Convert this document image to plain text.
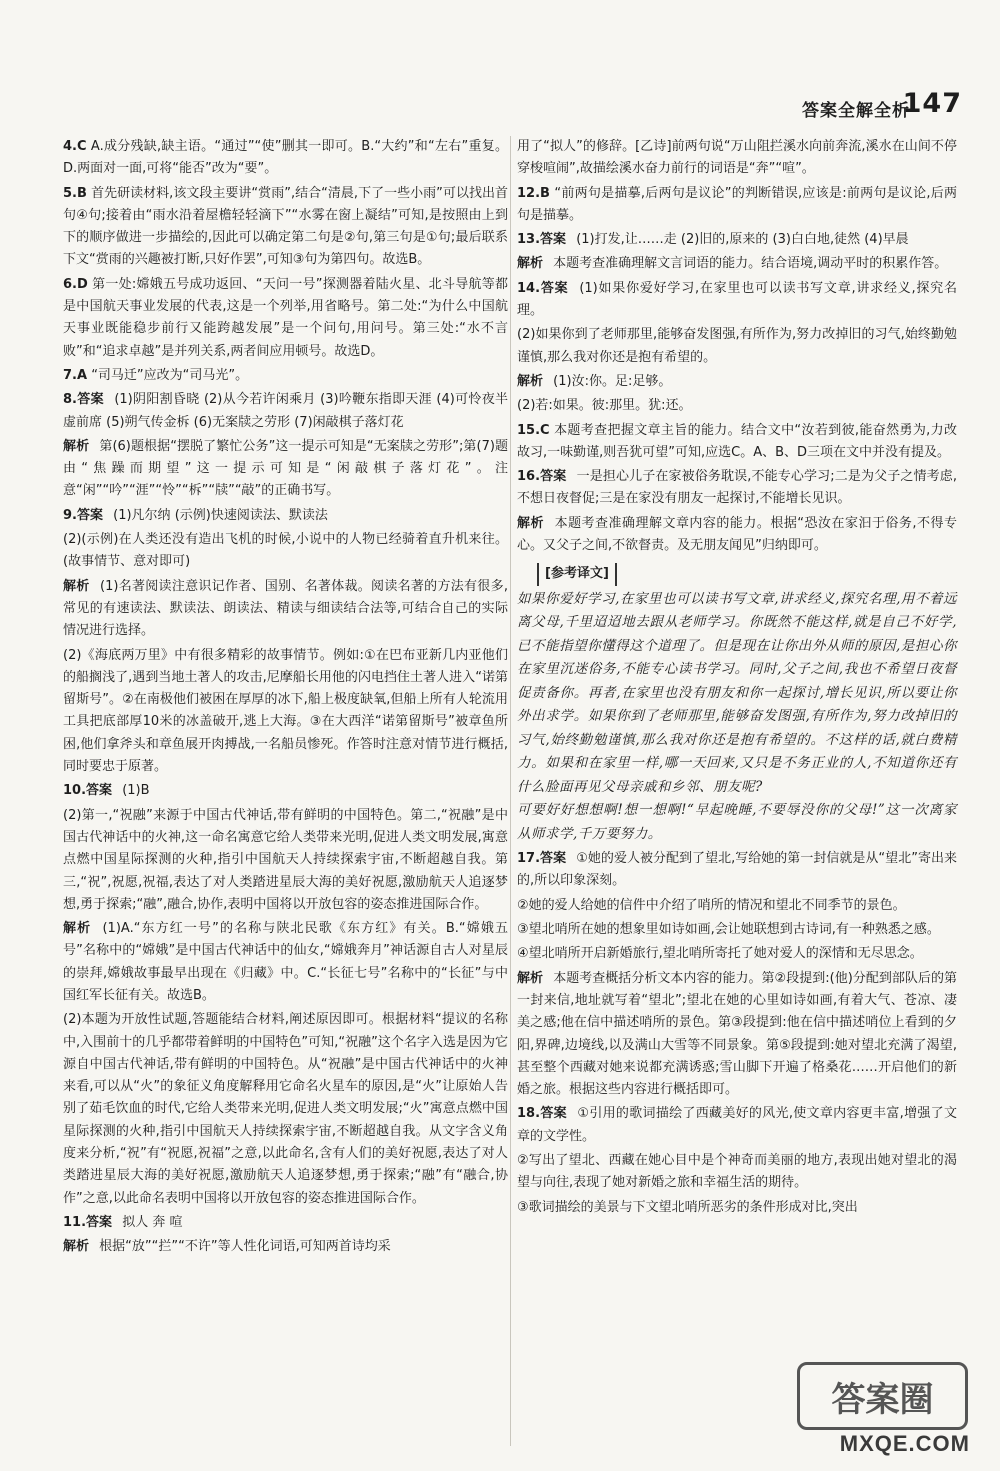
答案全解全析
147

4.C A.成分残缺,缺主语。“通过”“使”删其一即可。B.“大约”和“左右”重复。D.两面对一面,可将“能否”改为“要”。

5.B 首先研读材料,该文段主要讲“赏雨”,结合“清晨,下了一些小雨”可以找出首句④句;接着由“雨水沿着屋檐轻轻滴下”“水雾在窗上凝结”可知,是按照由上到下的顺序做进一步描绘的,因此可以确定第二句是②句,第三句是①句;最后联系下文“赏雨的兴趣被打断,只好作罢”,可知③句为第四句。故选B。

6.D 第一处:嫦娥五号成功返回、“天问一号”探测器着陆火星、北斗导航等都是中国航天事业发展的代表,这是一个列举,用省略号。第二处:“为什么中国航天事业既能稳步前行又能跨越发展”是一个问句,用问号。第三处:“水不言败”和“追求卓越”是并列关系,两者间应用顿号。故选D。

7.A “司马迁”应改为“司马光”。

8.答案 (1)阴阳割昏晓 (2)从今若许闲乘月 (3)吟鞭东指即天涯 (4)可怜夜半虚前席 (5)朔气传金柝 (6)无案牍之劳形 (7)闲敲棋子落灯花

解析 第(6)题根据“摆脱了繁忙公务”这一提示可知是“无案牍之劳形”;第(7)题由“焦躁而期望”这一提示可知是“闲敲棋子落灯花”。注意“闲”“吟”“涯”“怜”“柝”“牍”“敲”的正确书写。

9.答案 (1)凡尔纳 (示例)快速阅读法、默读法

(2)(示例)在人类还没有造出飞机的时候,小说中的人物已经骑着直升机来往。(故事情节、意对即可)

解析 (1)名著阅读注意识记作者、国别、名著体裁。阅读名著的方法有很多,常见的有速读法、默读法、朗读法、精读与细读结合法等,可结合自己的实际情况进行选择。

(2)《海底两万里》中有很多精彩的故事情节。例如:①在巴布亚新几内亚他们的船搁浅了,遇到当地土著人的攻击,尼摩船长用他的闪电挡住土著人进入“诺第留斯号”。②在南极他们被困在厚厚的冰下,船上极度缺氧,但船上所有人轮流用工具把底部厚10米的冰盖破开,逃上大海。③在大西洋“诺第留斯号”被章鱼所困,他们拿斧头和章鱼展开肉搏战,一名船员惨死。作答时注意对情节进行概括,同时要忠于原著。

10.答案 (1)B

(2)第一,“祝融”来源于中国古代神话,带有鲜明的中国特色。第二,“祝融”是中国古代神话中的火神,这一命名寓意它给人类带来光明,促进人类文明发展,寓意点燃中国星际探测的火种,指引中国航天人持续探索宇宙,不断超越自我。第三,“祝”,祝愿,祝福,表达了对人类踏进星辰大海的美好祝愿,激励航天人追逐梦想,勇于探索;“融”,融合,协作,表明中国将以开放包容的姿态推进国际合作。

解析 (1)A.“东方红一号”的名称与陕北民歌《东方红》有关。B.“嫦娥五号”名称中的“嫦娥”是中国古代神话中的仙女,“嫦娥奔月”神话源自古人对星辰的崇拜,嫦娥故事最早出现在《归藏》中。C.“长征七号”名称中的“长征”与中国红军长征有关。故选B。

(2)本题为开放性试题,答题能结合材料,阐述原因即可。根据材料“提议的名称中,入围前十的几乎都带着鲜明的中国特色”可知,“祝融”这个名字入选是因为它源自中国古代神话,带有鲜明的中国特色。从“祝融”是中国古代神话中的火神来看,可以从“火”的象征义角度解释用它命名火星车的原因,是“火”让原始人告别了茹毛饮血的时代,它给人类带来光明,促进人类文明发展;“火”寓意点燃中国星际探测的火种,指引中国航天人持续探索宇宙,不断超越自我。从文字含义角度来分析,“祝”有“祝愿,祝福”之意,以此命名,含有人们的美好祝愿,表达了对人类踏进星辰大海的美好祝愿,激励航天人追逐梦想,勇于探索;“融”有“融合,协作”之意,以此命名表明中国将以开放包容的姿态推进国际合作。

11.答案 拟人 奔 喧

解析 根据“放”“拦”“不许”等人性化词语,可知两首诗均采

用了“拟人”的修辞。[乙诗]前两句说“万山阻拦溪水向前奔流,溪水在山间不停穿梭喧闹”,故描绘溪水奋力前行的词语是“奔”“喧”。

12.B “前两句是描摹,后两句是议论”的判断错误,应该是:前两句是议论,后两句是描摹。

13.答案 (1)打发,让……走 (2)旧的,原来的 (3)白白地,徒然 (4)早晨

解析 本题考查准确理解文言词语的能力。结合语境,调动平时的积累作答。

14.答案 (1)如果你爱好学习,在家里也可以读书写文章,讲求经义,探究名理。

(2)如果你到了老师那里,能够奋发图强,有所作为,努力改掉旧的习气,始终勤勉谨慎,那么我对你还是抱有希望的。

解析 (1)汝:你。足:足够。

(2)若:如果。彼:那里。犹:还。

15.C 本题考查把握文章主旨的能力。结合文中“汝若到彼,能奋然勇为,力改故习,一味勤谨,则吾犹可望”可知,应选C。A、B、D三项在文中并没有提及。

16.答案 一是担心儿子在家被俗务耽误,不能专心学习;二是为父子之情考虑,不想日夜督促;三是在家没有朋友一起探讨,不能增长见识。

解析 本题考查准确理解文章内容的能力。根据“恐汝在家汩于俗务,不得专心。又父子之间,不欲督责。及无朋友闻见”归纳即可。

[参考译文]
如果你爱好学习,在家里也可以读书写文章,讲求经义,探究名理,用不着远离父母,千里迢迢地去跟从老师学习。你既然不能这样,就是自己不好学,已不能指望你懂得这个道理了。但是现在让你出外从师的原因,是担心你在家里沉迷俗务,不能专心读书学习。同时,父子之间,我也不希望日夜督促责备你。再者,在家里也没有朋友和你一起探讨,增长见识,所以要让你外出求学。如果你到了老师那里,能够奋发图强,有所作为,努力改掉旧的习气,始终勤勉谨慎,那么我对你还是抱有希望的。不这样的话,就白费精力。如果和在家里一样,哪一天回来,又只是不务正业的人,不知道你还有什么脸面再见父母亲戚和乡邻、朋友呢?
可要好好想想啊!想一想啊!“早起晚睡,不要辱没你的父母!”这一次离家从师求学,千万要努力。

17.答案 ①她的爱人被分配到了望北,写给她的第一封信就是从“望北”寄出来的,所以印象深刻。

②她的爱人给她的信件中介绍了哨所的情况和望北不同季节的景色。

③望北哨所在她的想象里如诗如画,会让她联想到古诗词,有一种熟悉之感。

④望北哨所开启新婚旅行,望北哨所寄托了她对爱人的深情和无尽思念。

解析 本题考查概括分析文本内容的能力。第②段提到:(他)分配到部队后的第一封来信,地址就写着“望北”;望北在她的心里如诗如画,有着大气、苍凉、凄美之感;他在信中描述哨所的景色。第③段提到:他在信中描述哨位上看到的夕阳,界碑,边境线,以及满山大雪等不同景象。第⑤段提到:她对望北充满了渴望,甚至整个西藏对她来说都充满诱惑;雪山脚下开遍了格桑花……开启他们的新婚之旅。根据这些内容进行概括即可。

18.答案 ①引用的歌词描绘了西藏美好的风光,使文章内容更丰富,增强了文章的文学性。

②写出了望北、西藏在她心目中是个神奇而美丽的地方,表现出她对望北的渴望与向往,表现了她对新婚之旅和幸福生活的期待。

③歌词描绘的美景与下文望北哨所恶劣的条件形成对比,突出

答案圈
MXQE.COM
